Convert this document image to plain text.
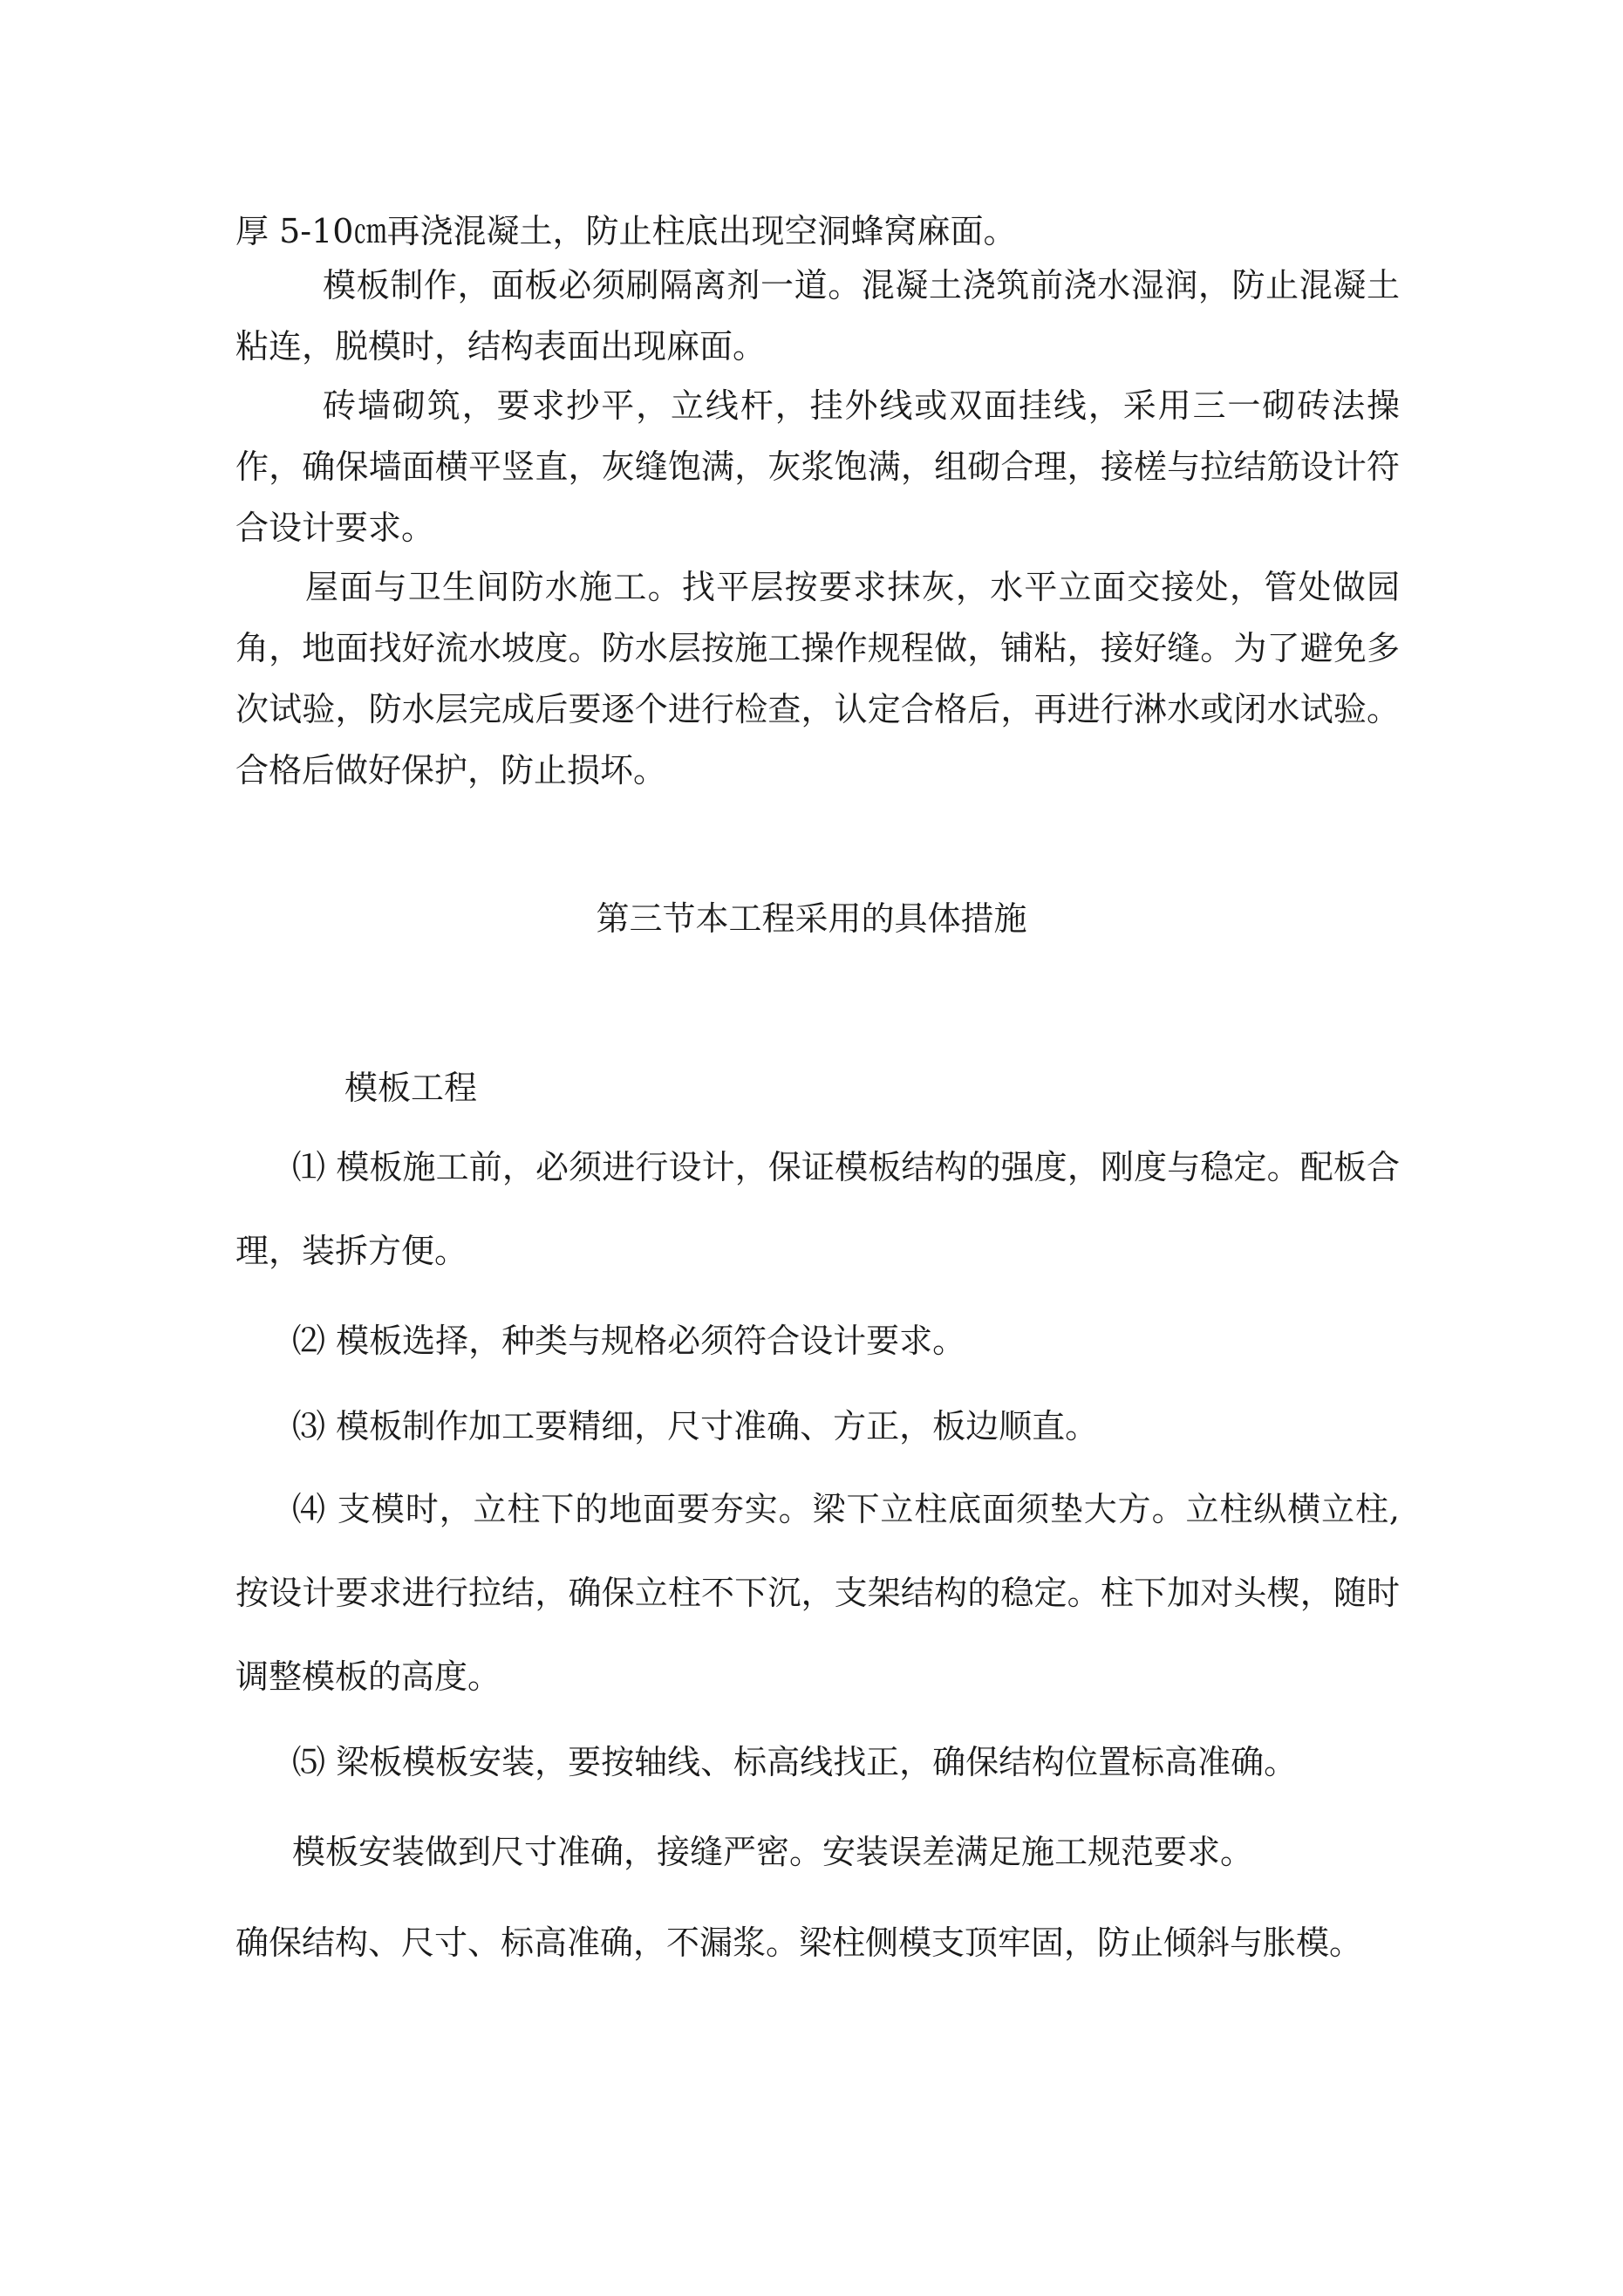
厚 5-10㎝再浇混凝土，防止柱底出现空洞蜂窝麻面。

模板制作，面板必须刷隔离剂一道。混凝土浇筑前浇水湿润，防止混凝土粘连，脱模时，结构表面出现麻面。

砖墙砌筑，要求抄平，立线杆，挂外线或双面挂线，采用三一砌砖法操作，确保墙面横平竖直，灰缝饱满，灰浆饱满，组砌合理，接槎与拉结筋设计符合设计要求。

屋面与卫生间防水施工。找平层按要求抹灰，水平立面交接处，管处做园角，地面找好流水坡度。防水层按施工操作规程做，铺粘，接好缝。为了避免多次试验，防水层完成后要逐个进行检查，认定合格后，再进行淋水或闭水试验。合格后做好保护，防止损坏。

第三节本工程采用的具体措施

模板工程

⑴ 模板施工前，必须进行设计，保证模板结构的强度，刚度与稳定。配板合理，装拆方便。

⑵ 模板选择，种类与规格必须符合设计要求。

⑶ 模板制作加工要精细，尺寸准确、方正，板边顺直。

⑷ 支模时，立柱下的地面要夯实。梁下立柱底面须垫大方。立柱纵横立柱,按设计要求进行拉结，确保立柱不下沉，支架结构的稳定。柱下加对头楔，随时调整模板的高度。

⑸ 梁板模板安装，要按轴线、标高线找正，确保结构位置标高准确。

模板安装做到尺寸准确，接缝严密。安装误差满足施工规范要求。

确保结构、尺寸、标高准确，不漏浆。梁柱侧模支顶牢固，防止倾斜与胀模。
